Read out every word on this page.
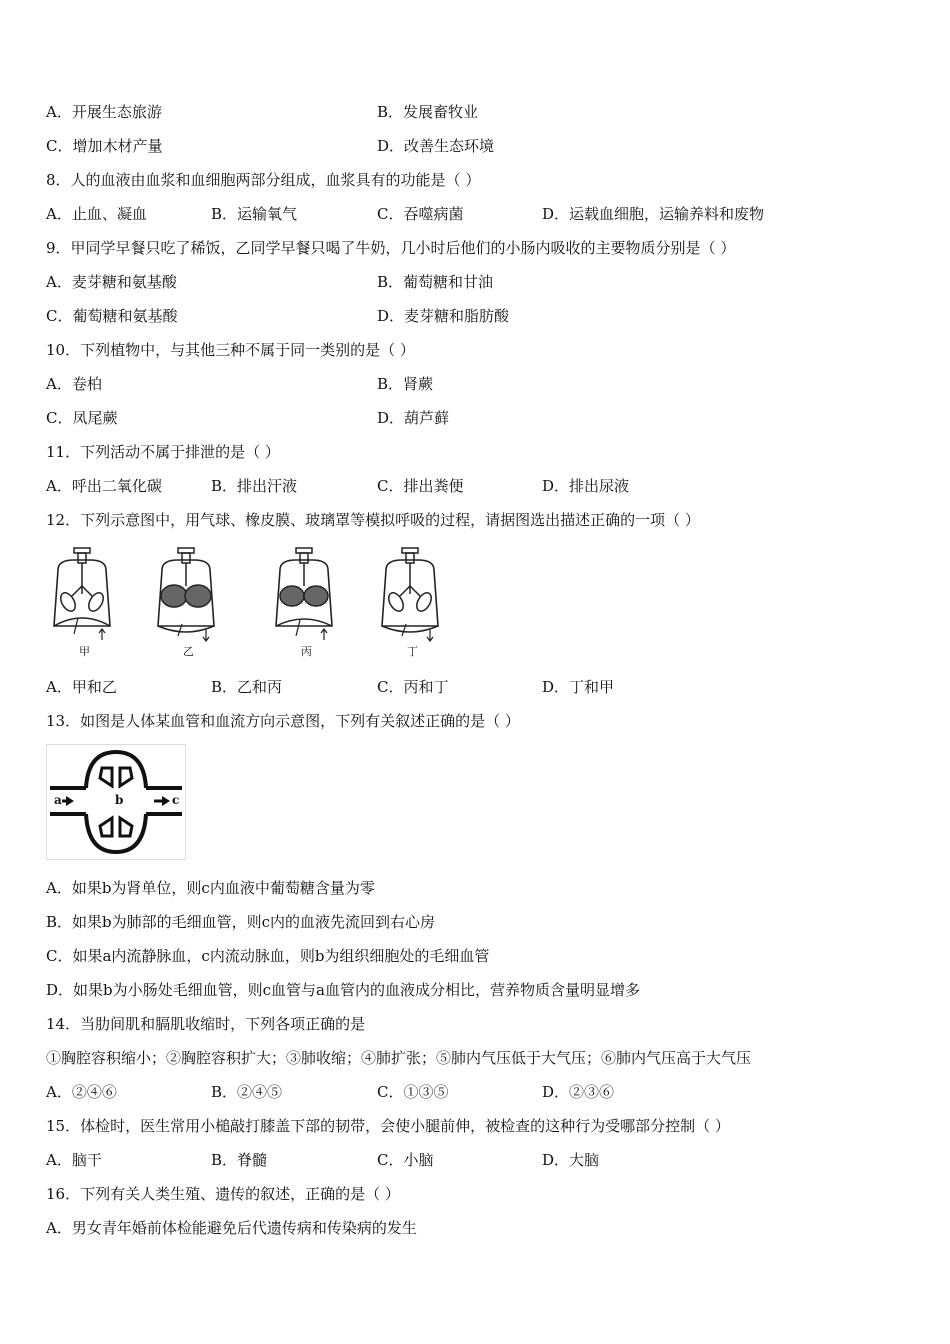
A．开展生态旅游	B．发展畜牧业
C．增加木材产量	D．改善生态环境
8．人的血液由血浆和血细胞两部分组成，血浆具有的功能是（ ）
A．止血、凝血	B．运输氧气	C．吞噬病菌	D．运载血细胞，运输养料和废物
9．甲同学早餐只吃了稀饭，乙同学早餐只喝了牛奶，几小时后他们的小肠内吸收的主要物质分别是（ ）
A．麦芽糖和氨基酸	B．葡萄糖和甘油
C．葡萄糖和氨基酸	D．麦芽糖和脂肪酸
10．下列植物中，与其他三种不属于同一类别的是（ ）
A．卷柏	B．肾蕨
C．凤尾蕨	D．葫芦藓
11．下列活动不属于排泄的是（ ）
A．呼出二氧化碳	B．排出汗液	C．排出粪便	D．排出尿液
12．下列示意图中，用气球、橡皮膜、玻璃罩等模拟呼吸的过程，请据图选出描述正确的一项（ ）
甲	乙	丙	丁
A．甲和乙	B．乙和丙	C．丙和丁	D．丁和甲
13．如图是人体某血管和血流方向示意图，下列有关叙述正确的是（ ）
a	b	c
A．如果b为肾单位，则c内血液中葡萄糖含量为零
B．如果b为肺部的毛细血管，则c内的血液先流回到右心房
C．如果a内流静脉血，c内流动脉血，则b为组织细胞处的毛细血管
D．如果b为小肠处毛细血管，则c血管与a血管内的血液成分相比，营养物质含量明显增多
14．当肋间肌和膈肌收缩时，下列各项正确的是
①胸腔容积缩小；②胸腔容积扩大；③肺收缩；④肺扩张；⑤肺内气压低于大气压；⑥肺内气压高于大气压
A．②④⑥	B．②④⑤	C．①③⑤	D．②③⑥
15．体检时，医生常用小槌敲打膝盖下部的韧带，会使小腿前伸，被检查的这种行为受哪部分控制（ ）
A．脑干	B．脊髓	C．小脑	D．大脑
16．下列有关人类生殖、遗传的叙述，正确的是（ ）
A．男女青年婚前体检能避免后代遗传病和传染病的发生
